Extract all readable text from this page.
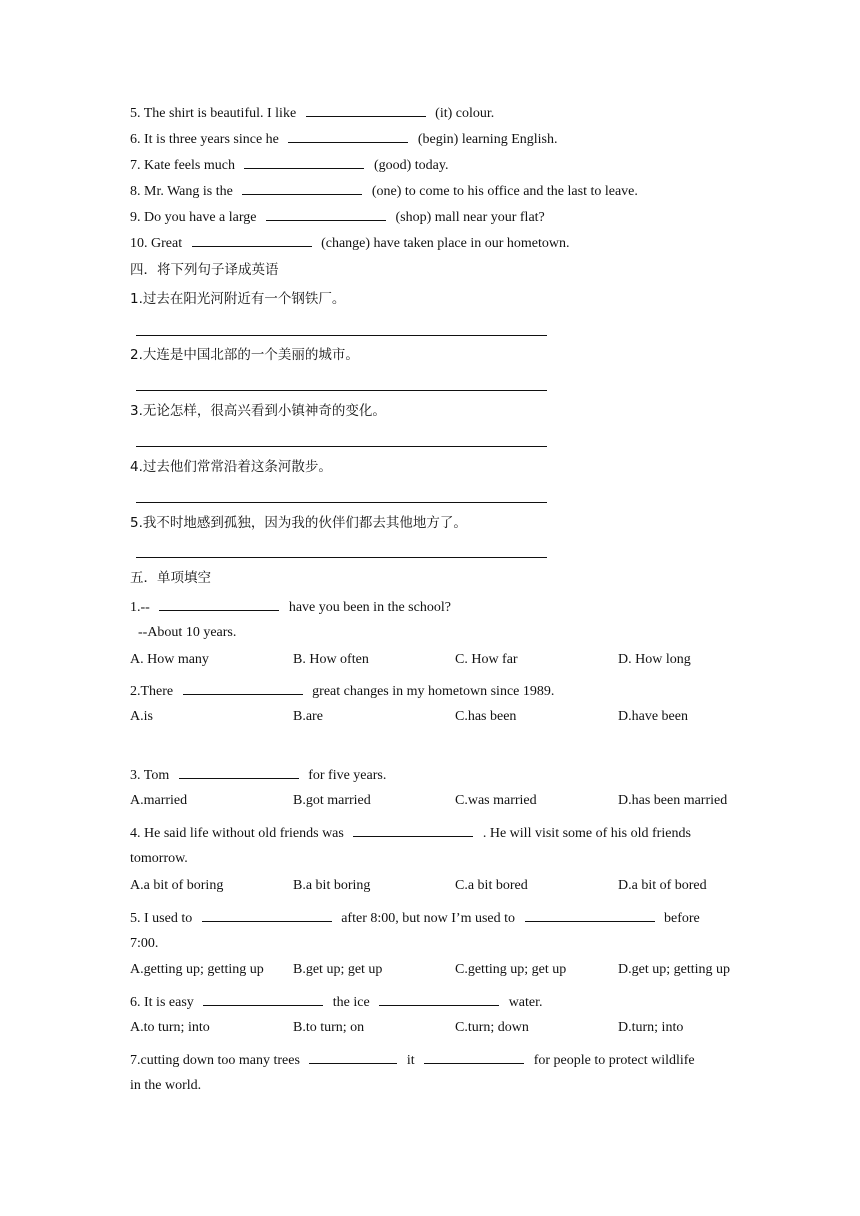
5. The shirt is beautiful. I like	(it) colour.
6. It is three years since he	(begin) learning English.
7. Kate feels much	(good) today.
8. Mr. Wang is the	(one) to come to his office and the last to leave.
9. Do you have a large	(shop) mall near your flat?
10. Great	(change) have taken place in our hometown.
四．将下列句子译成英语
1.过去在阳光河附近有一个钢铁厂。
2.大连是中国北部的一个美丽的城市。
3.无论怎样，很高兴看到小镇神奇的变化。
4.过去他们常常沿着这条河散步。
5.我不时地感到孤独，因为我的伙伴们都去其他地方了。
五．单项填空
1.--	have you been in the school?
--About 10 years.
A. How many	B. How often	C. How far	D. How long
2.There	great changes in my hometown since 1989.
A.is	B.are	C.has been	D.have been
3. Tom	for five years.
A.married	B.got married	C.was married	D.has been married
4. He said life without old friends was	. He will visit some of his old friends
tomorrow.
A.a bit of boring	B.a bit boring	C.a bit bored	D.a bit of bored
5. I used to	after 8:00, but now I’m used to	before
7:00.
A.getting up; getting up B.get up; get up	C.getting up; get up	D.get up; getting up
6. It is easy	the ice	water.
A.to turn; into	B.to turn; on	C.turn; down	D.turn; into
7.cutting down too many trees	it	for people to protect wildlife
in the world.
